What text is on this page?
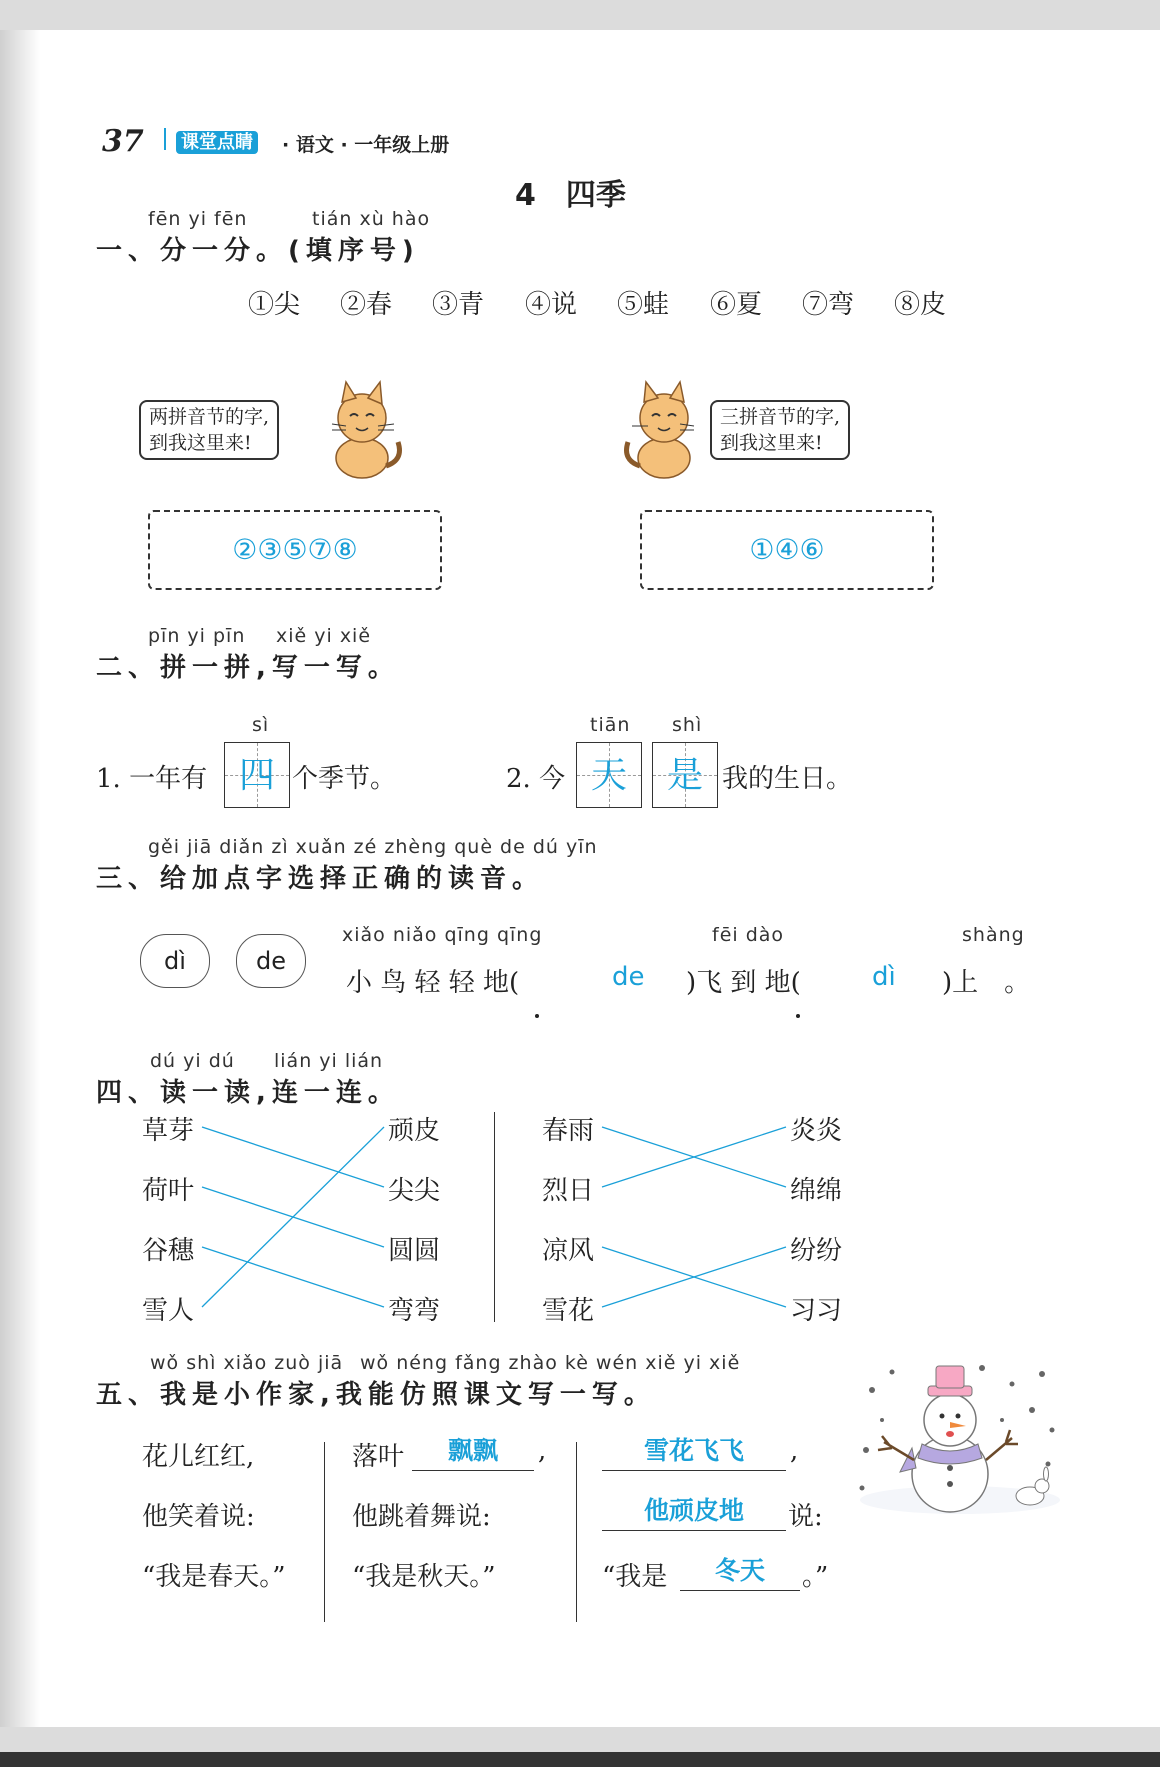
37 课堂点睛 · 语文 · 一年级上册
4　四季
fēn yi fēn	tián xù hào
一、分一分。(填序号)
①尖 ②春 ③青 ④说 ⑤蛙 ⑥夏 ⑦弯 ⑧皮
两拼音节的字,
到我这里来!
三拼音节的字,
到我这里来!
②③⑤⑦⑧	①④⑥
pīn yi pīn xiě yi xiě
二、拼一拼,写一写。
sì
1. 一年有 四 个季节。
tiān shì
2. 今 天	是 我的生日。
gěi jiā diǎn zì xuǎn zé zhèng què de dú yīn
三、给加点字选择正确的读音。
dì	de
xiǎo niǎo qīng qīng	fēi dào	shàng
小 鸟 轻 轻 地(	de )飞 到 地(	dì )上　。
dú yi dú lián yi lián
四、读一读,连一连。
草芽
荷叶
谷穗
雪人
顽皮
尖尖
圆圆
弯弯
春雨
烈日
凉风
雪花
炎炎
绵绵
纷纷
习习
wǒ shì xiǎo zuò jiā wǒ néng fǎng zhào kè wén xiě yi xiě
五、我是小作家,我能仿照课文写一写。
花儿红红,
他笑着说:
“我是春天。”
落叶	飘飘	,
他跳着舞说:
“我是秋天。”
雪花飞飞	,
他顽皮地	说:
“我是	冬天	。”
